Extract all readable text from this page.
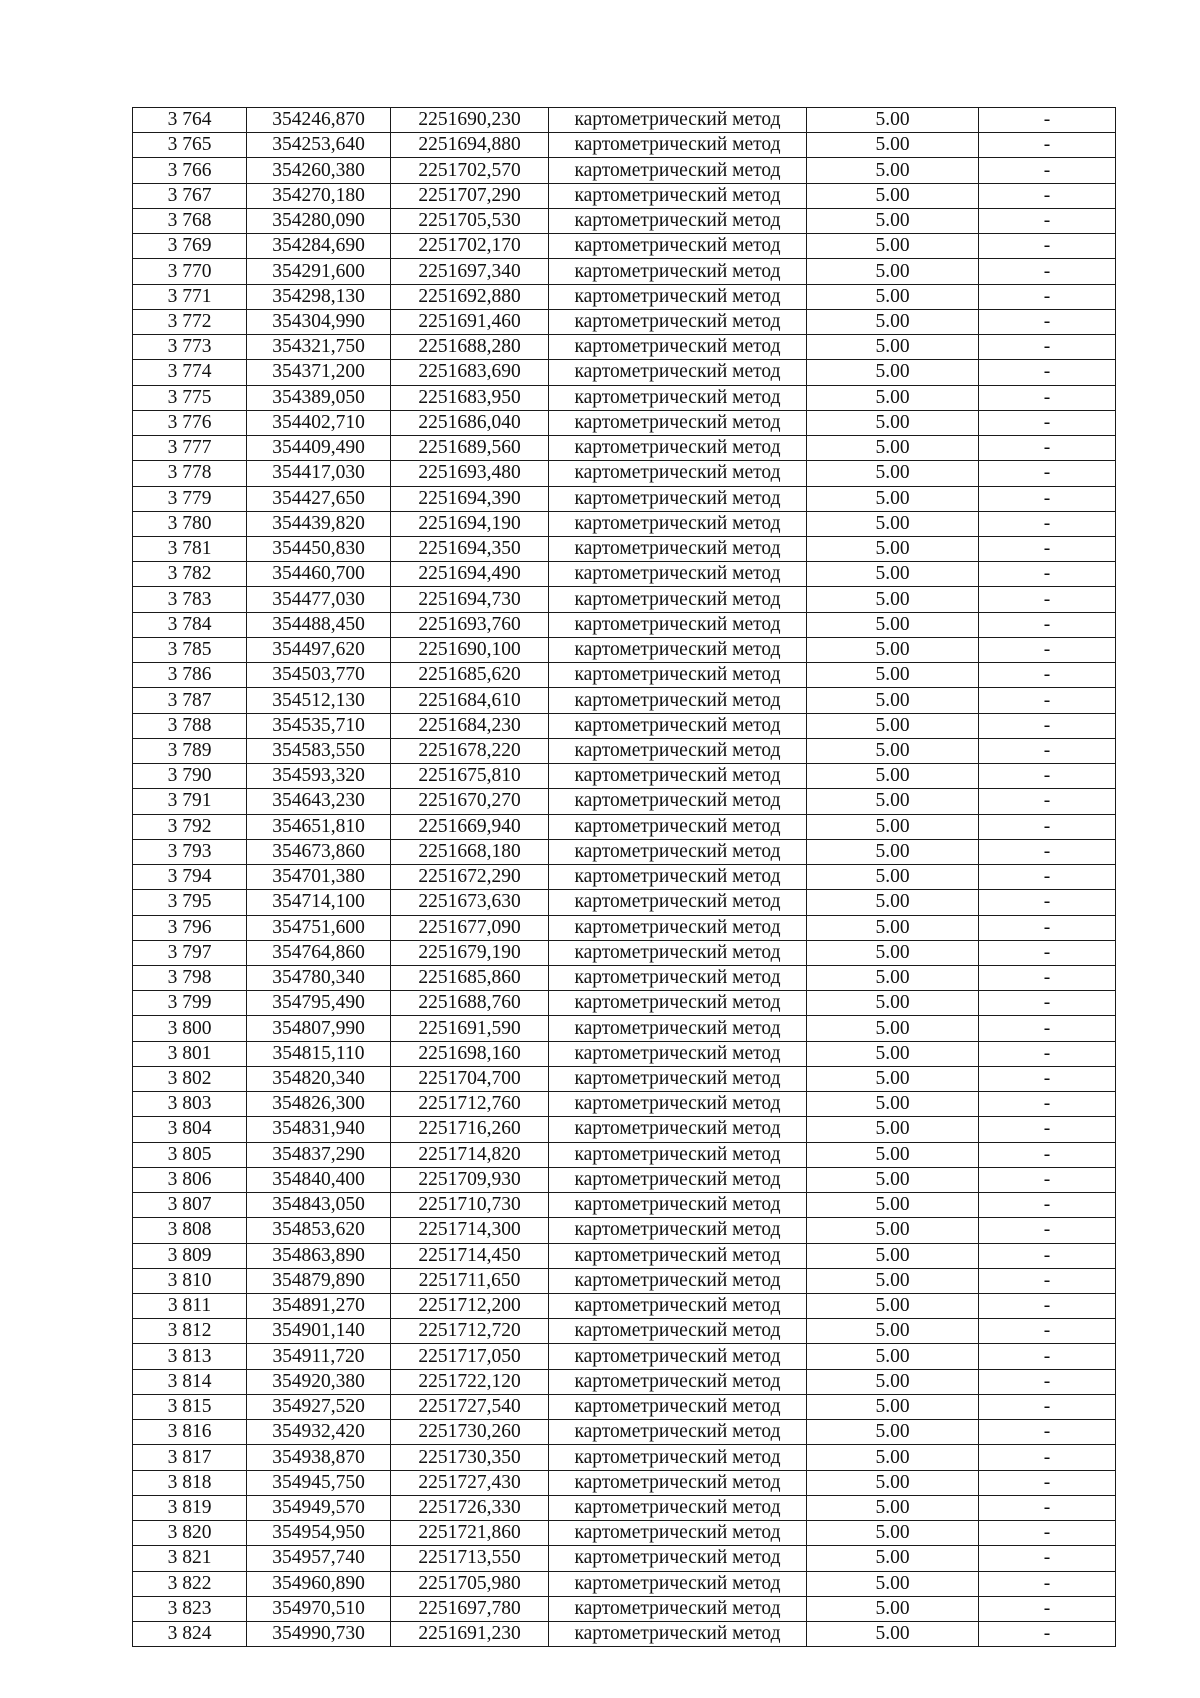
3 764	354246,870	2251690,230	картометрический метод	5.00	-
3 765	354253,640	2251694,880	картометрический метод	5.00	-
3 766	354260,380	2251702,570	картометрический метод	5.00	-
3 767	354270,180	2251707,290	картометрический метод	5.00	-
3 768	354280,090	2251705,530	картометрический метод	5.00	-
3 769	354284,690	2251702,170	картометрический метод	5.00	-
3 770	354291,600	2251697,340	картометрический метод	5.00	-
3 771	354298,130	2251692,880	картометрический метод	5.00	-
3 772	354304,990	2251691,460	картометрический метод	5.00	-
3 773	354321,750	2251688,280	картометрический метод	5.00	-
3 774	354371,200	2251683,690	картометрический метод	5.00	-
3 775	354389,050	2251683,950	картометрический метод	5.00	-
3 776	354402,710	2251686,040	картометрический метод	5.00	-
3 777	354409,490	2251689,560	картометрический метод	5.00	-
3 778	354417,030	2251693,480	картометрический метод	5.00	-
3 779	354427,650	2251694,390	картометрический метод	5.00	-
3 780	354439,820	2251694,190	картометрический метод	5.00	-
3 781	354450,830	2251694,350	картометрический метод	5.00	-
3 782	354460,700	2251694,490	картометрический метод	5.00	-
3 783	354477,030	2251694,730	картометрический метод	5.00	-
3 784	354488,450	2251693,760	картометрический метод	5.00	-
3 785	354497,620	2251690,100	картометрический метод	5.00	-
3 786	354503,770	2251685,620	картометрический метод	5.00	-
3 787	354512,130	2251684,610	картометрический метод	5.00	-
3 788	354535,710	2251684,230	картометрический метод	5.00	-
3 789	354583,550	2251678,220	картометрический метод	5.00	-
3 790	354593,320	2251675,810	картометрический метод	5.00	-
3 791	354643,230	2251670,270	картометрический метод	5.00	-
3 792	354651,810	2251669,940	картометрический метод	5.00	-
3 793	354673,860	2251668,180	картометрический метод	5.00	-
3 794	354701,380	2251672,290	картометрический метод	5.00	-
3 795	354714,100	2251673,630	картометрический метод	5.00	-
3 796	354751,600	2251677,090	картометрический метод	5.00	-
3 797	354764,860	2251679,190	картометрический метод	5.00	-
3 798	354780,340	2251685,860	картометрический метод	5.00	-
3 799	354795,490	2251688,760	картометрический метод	5.00	-
3 800	354807,990	2251691,590	картометрический метод	5.00	-
3 801	354815,110	2251698,160	картометрический метод	5.00	-
3 802	354820,340	2251704,700	картометрический метод	5.00	-
3 803	354826,300	2251712,760	картометрический метод	5.00	-
3 804	354831,940	2251716,260	картометрический метод	5.00	-
3 805	354837,290	2251714,820	картометрический метод	5.00	-
3 806	354840,400	2251709,930	картометрический метод	5.00	-
3 807	354843,050	2251710,730	картометрический метод	5.00	-
3 808	354853,620	2251714,300	картометрический метод	5.00	-
3 809	354863,890	2251714,450	картометрический метод	5.00	-
3 810	354879,890	2251711,650	картометрический метод	5.00	-
3 811	354891,270	2251712,200	картометрический метод	5.00	-
3 812	354901,140	2251712,720	картометрический метод	5.00	-
3 813	354911,720	2251717,050	картометрический метод	5.00	-
3 814	354920,380	2251722,120	картометрический метод	5.00	-
3 815	354927,520	2251727,540	картометрический метод	5.00	-
3 816	354932,420	2251730,260	картометрический метод	5.00	-
3 817	354938,870	2251730,350	картометрический метод	5.00	-
3 818	354945,750	2251727,430	картометрический метод	5.00	-
3 819	354949,570	2251726,330	картометрический метод	5.00	-
3 820	354954,950	2251721,860	картометрический метод	5.00	-
3 821	354957,740	2251713,550	картометрический метод	5.00	-
3 822	354960,890	2251705,980	картометрический метод	5.00	-
3 823	354970,510	2251697,780	картометрический метод	5.00	-
3 824	354990,730	2251691,230	картометрический метод	5.00	-
